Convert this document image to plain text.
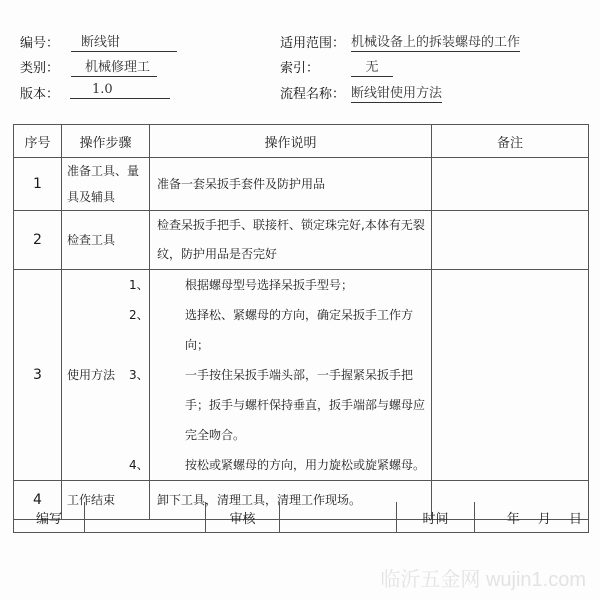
编号：	断线钳
类别：	机械修理工
版本：	1.0
适用范围： 机械设备上的拆装螺母的工作
索引：	无
流程名称： 断线钳使用方法
序号	操作步骤	操作说明	备注
1	准备工具、量具及辅具	准备一套呆扳手套件及防护用品	
2	检查工具	检查呆扳手把手、联接杆、锁定珠完好,本体有无裂纹，防护用品是否完好	
3	使用方法	1、 根据螺母型号选择呆扳手型号；
2、 选择松、紧螺母的方向，确定呆扳手工作方向；
3、 一手按住呆扳手端头部，一手握紧呆扳手把手；扳手与螺杆保持垂直，扳手端部与螺母应完全吻合。
4、 按松或紧螺母的方向，用力旋松或旋紧螺母。	

4	工作结束	卸下工具，清理工具，清理工作现场。	
编写		审核		时间	年 月 日
临沂五金网 wujin1.com
